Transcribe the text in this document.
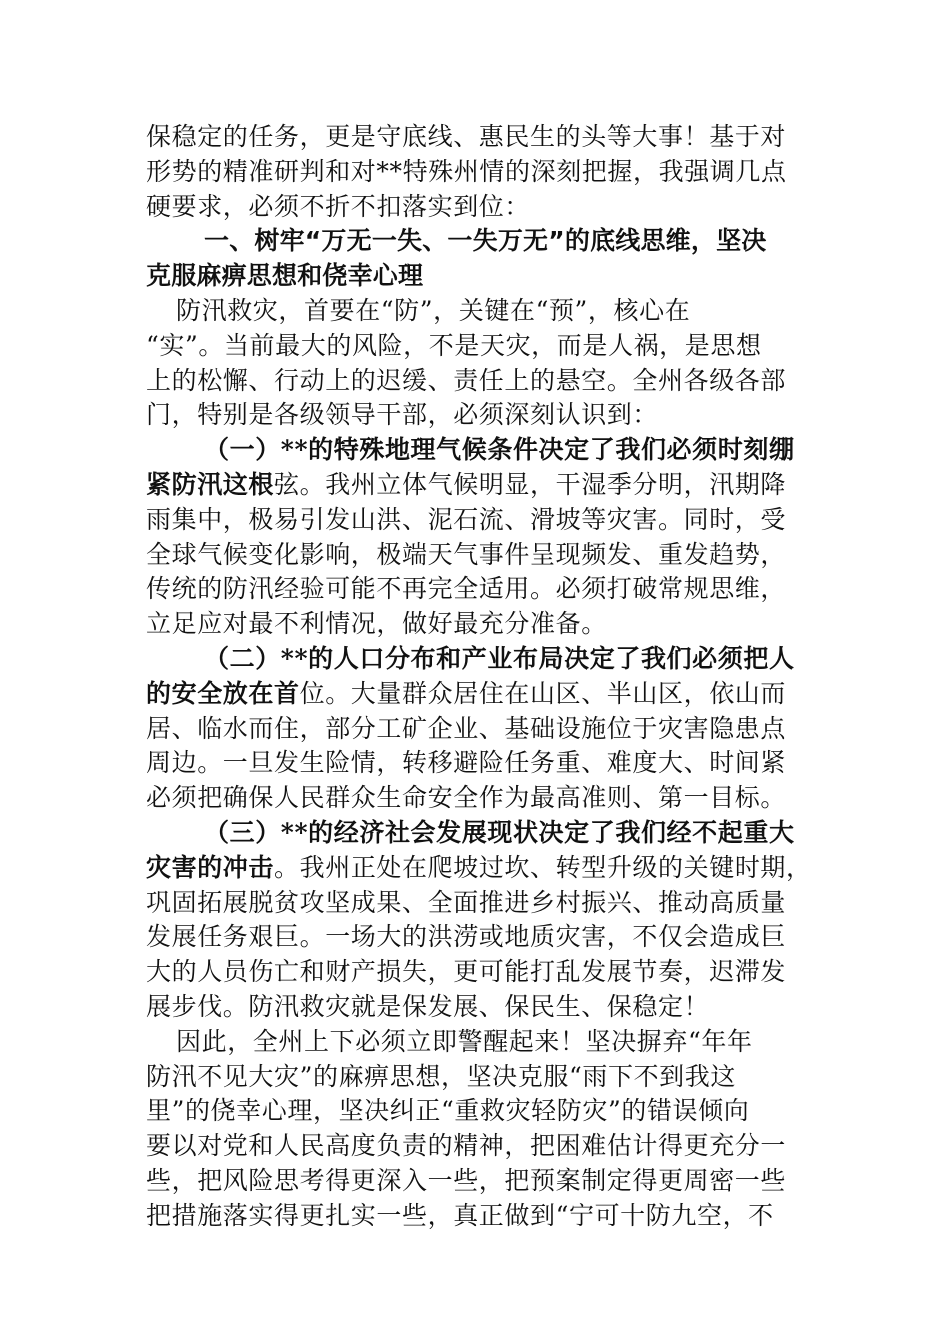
保稳定的任务，更是守底线、惠民生的头等大事！基于对
形势的精准研判和对**特殊州情的深刻把握，我强调几点
硬要求，必须不折不扣落实到位：
一、树牢“万无一失、一失万无”的底线思维，坚决
克服麻痹思想和侥幸心理
防汛救灾，首要在“防”，关键在“预”，核心在
“实”。当前最大的风险，不是天灾，而是人祸，是思想
上的松懈、行动上的迟缓、责任上的悬空。全州各级各部
门，特别是各级领导干部，必须深刻认识到：
（一）**的特殊地理气候条件决定了我们必须时刻绷
紧防汛这根弦。我州立体气候明显，干湿季分明，汛期降
雨集中，极易引发山洪、泥石流、滑坡等灾害。同时，受
全球气候变化影响，极端天气事件呈现频发、重发趋势，
传统的防汛经验可能不再完全适用。必须打破常规思维，
立足应对最不利情况，做好最充分准备。
（二）**的人口分布和产业布局决定了我们必须把人
的安全放在首位。大量群众居住在山区、半山区，依山而
居、临水而住，部分工矿企业、基础设施位于灾害隐患点
周边。一旦发生险情，转移避险任务重、难度大、时间紧
必须把确保人民群众生命安全作为最高准则、第一目标。
（三）**的经济社会发展现状决定了我们经不起重大
灾害的冲击。我州正处在爬坡过坎、转型升级的关键时期，
巩固拓展脱贫攻坚成果、全面推进乡村振兴、推动高质量
发展任务艰巨。一场大的洪涝或地质灾害，不仅会造成巨
大的人员伤亡和财产损失，更可能打乱发展节奏，迟滞发
展步伐。防汛救灾就是保发展、保民生、保稳定！
因此，全州上下必须立即警醒起来！坚决摒弃“年年
防汛不见大灾”的麻痹思想，坚决克服“雨下不到我这
里”的侥幸心理，坚决纠正“重救灾轻防灾”的错误倾向
要以对党和人民高度负责的精神，把困难估计得更充分一
些，把风险思考得更深入一些，把预案制定得更周密一些
把措施落实得更扎实一些，真正做到“宁可十防九空，不
